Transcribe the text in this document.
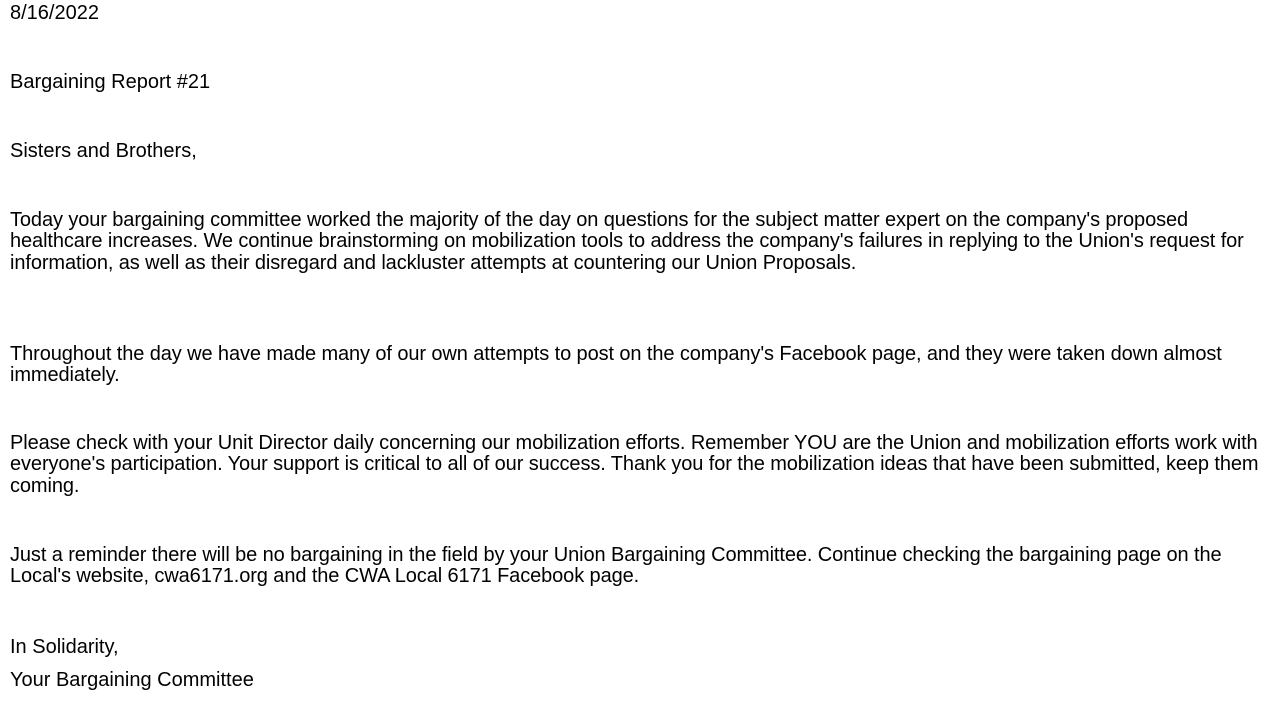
8/16/2022
Bargaining Report #21
Sisters and Brothers,
Today your bargaining committee worked the majority of the day on questions for the subject matter expert on the company's proposed healthcare increases. We continue brainstorming on mobilization tools to address the company's failures in replying to the Union's request for information, as well as their disregard and lackluster attempts at countering our Union Proposals.
Throughout the day we have made many of our own attempts to post on the company's Facebook page, and they were taken down almost immediately.
Please check with your Unit Director daily concerning our mobilization efforts. Remember YOU are the Union and mobilization efforts work with everyone's participation. Your support is critical to all of our success. Thank you for the mobilization ideas that have been submitted, keep them coming.
Just a reminder there will be no bargaining in the field by your Union Bargaining Committee. Continue checking the bargaining page on the Local's website, cwa6171.org and the CWA Local 6171 Facebook page.
In Solidarity,
Your Bargaining Committee
